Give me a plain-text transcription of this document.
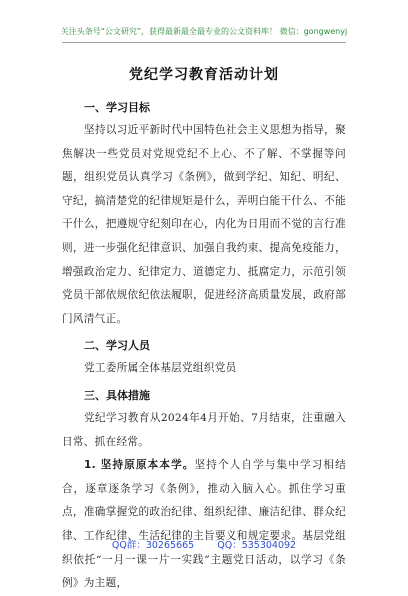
关注头条号“公文研究”，获得最新最全最专业的公文资料库！ 微信：gongwenyj
党纪学习教育活动计划
一、学习目标
坚持以习近平新时代中国特色社会主义思想为指导，聚焦解决一些党员对党规党纪不上心、不了解、不掌握等问题，组织党员认真学习《条例》，做到学纪、知纪、明纪、守纪，搞清楚党的纪律规矩是什么，弄明白能干什么、不能干什么，把遵规守纪刻印在心，内化为日用而不觉的言行准则，进一步强化纪律意识、加强自我约束、提高免疫能力，增强政治定力、纪律定力、道德定力、抵腐定力，示范引领党员干部依规依纪依法履职，促进经济高质量发展，政府部门风清气正。
二、学习人员
党工委所属全体基层党组织党员
三、具体措施
党纪学习教育从2024年4月开始、7月结束，注重融入日常、抓在经常。
1. 坚持原原本本学。坚持个人自学与集中学习相结合，逐章逐条学习《条例》，推动入脑入心。抓住学习重点，准确掌握党的政治纪律、组织纪律、廉洁纪律、群众纪律、工作纪律、生活纪律的主旨要义和规定要求。基层党组织依托“一月一课一片一实践”主题党日活动，以学习《条例》为主题，
QQ群：30265665 QQ：535304092
